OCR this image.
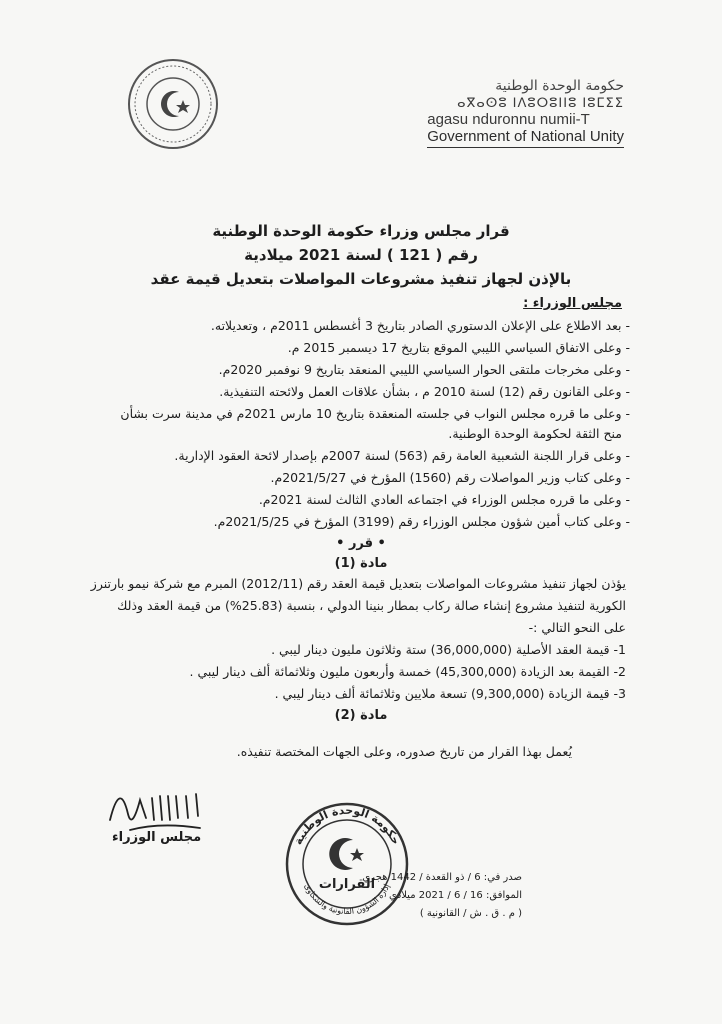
حكومة الوحدة الوطنية
ⴰⴳⴰⵙⵓ ⵏⴷⵓⵔⵓⵏⵏⵓ ⵏⵓⵎⵉⵉ
agasu nduronnu numii-T
Government of National Unity
قرار مجلس وزراء حكومة الوحدة الوطنية
رقم ( 121 ) لسنة 2021 ميلادية
بالإذن لجهاز تنفيذ مشروعات المواصلات بتعديل قيمة عقد
مجلس الوزراء :
- بعد الاطلاع على الإعلان الدستوري الصادر بتاريخ 3 أغسطس 2011م ، وتعديلاته.
- وعلى الاتفاق السياسي الليبي الموقع بتاريخ 17 ديسمبر 2015 م.
- وعلى مخرجات ملتقى الحوار السياسي الليبي المنعقد بتاريخ 9 نوفمبر 2020م.
- وعلى القانون رقم (12) لسنة 2010 م ، بشأن علاقات العمل ولائحته التنفيذية.
- وعلى ما قرره مجلس النواب في جلسته المنعقدة بتاريخ 10 مارس 2021م في مدينة سرت بشأن
منح الثقة لحكومة الوحدة الوطنية.
- وعلى قرار اللجنة الشعبية العامة رقم (563) لسنة 2007م بإصدار لائحة العقود الإدارية.
- وعلى كتاب وزير المواصلات رقم (1560) المؤرخ في 2021/5/27م.
- وعلى ما قرره مجلس الوزراء في اجتماعه العادي الثالث لسنة 2021م.
- وعلى كتاب أمين شؤون مجلس الوزراء رقم (3199) المؤرخ في 2021/5/25م.
• قرر •
مادة (1)
يؤذن لجهاز تنفيذ مشروعات المواصلات بتعديل قيمة العقد رقم (2012/11) المبرم مع شركة نيمو بارتنرز
الكورية لتنفيذ مشروع إنشاء صالة ركاب بمطار بنينا الدولي ، بنسبة (25.83%) من قيمة العقد وذلك
على النحو التالي :-
1- قيمة العقد الأصلية (36,000,000) ستة وثلاثون مليون دينار ليبي .
2- القيمة بعد الزيادة (45,300,000) خمسة وأربعون مليون وثلاثمائة ألف دينار ليبي .
3- قيمة الزيادة (9,300,000) تسعة ملايين وثلاثمائة ألف دينار ليبي .
مادة (2)
يُعمل بهذا القرار من تاريخ صدوره، وعلى الجهات المختصة تنفيذه.
مجلس الوزراء
القرارات
حكومة الوحدة الوطنية
إدارة الشؤون القانونية والشكاوى
صدر في: 6 / ذو القعدة / 1442 هجري
الموافق: 16 / 6 / 2021 ميلادي
( م . ق . ش / القانونية )
